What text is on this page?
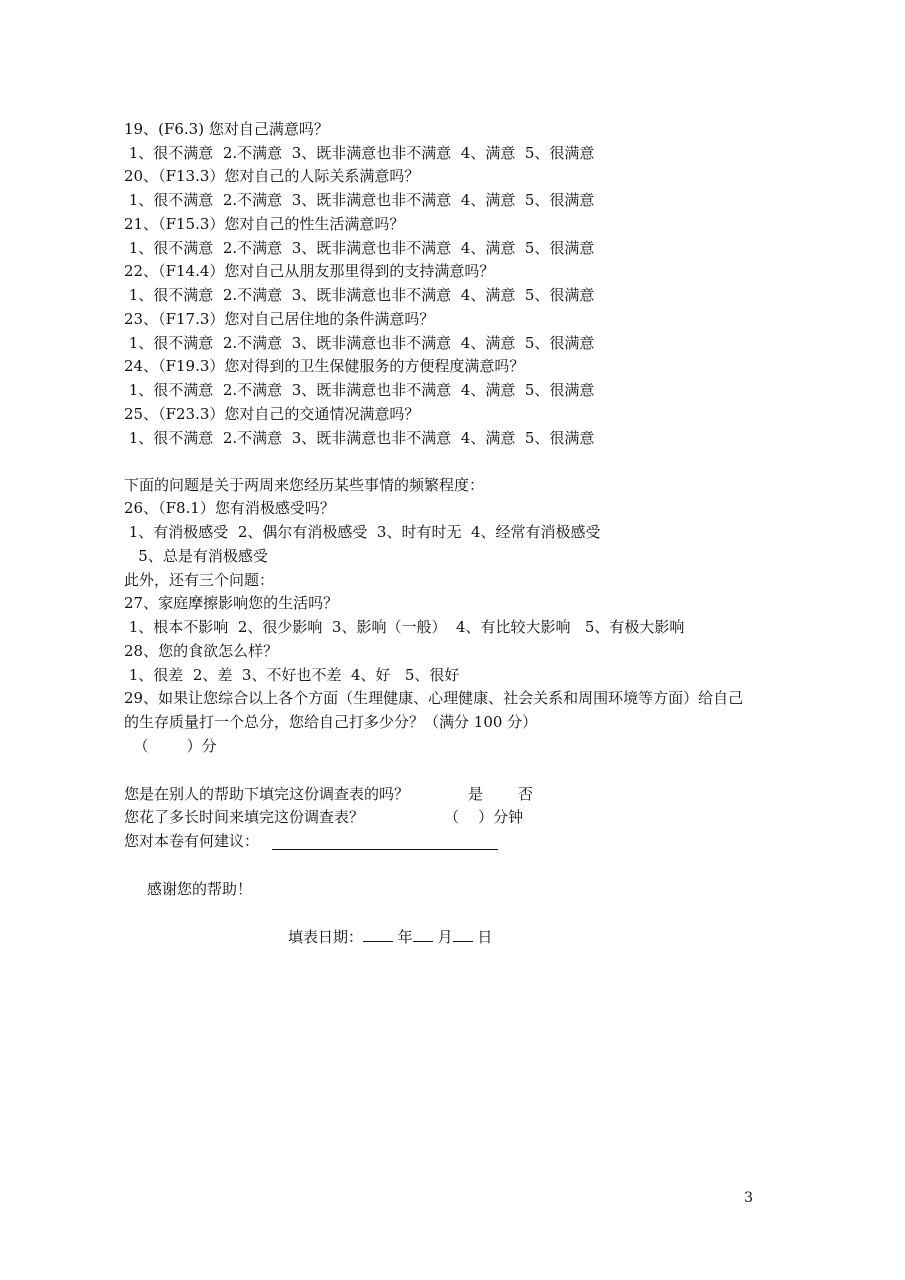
19、(F6.3) 您对自己满意吗？
1、很不满意  2.不满意  3、既非满意也非不满意  4、满意  5、很满意
20、（F13.3）您对自己的人际关系满意吗？
1、很不满意  2.不满意  3、既非满意也非不满意  4、满意  5、很满意
21、（F15.3）您对自己的性生活满意吗？
1、很不满意  2.不满意  3、既非满意也非不满意  4、满意  5、很满意
22、（F14.4）您对自己从朋友那里得到的支持满意吗？
1、很不满意  2.不满意  3、既非满意也非不满意  4、满意  5、很满意
23、（F17.3）您对自己居住地的条件满意吗？
1、很不满意  2.不满意  3、既非满意也非不满意  4、满意  5、很满意
24、（F19.3）您对得到的卫生保健服务的方便程度满意吗？
1、很不满意  2.不满意  3、既非满意也非不满意  4、满意  5、很满意
25、（F23.3）您对自己的交通情况满意吗？
1、很不满意  2.不满意  3、既非满意也非不满意  4、满意  5、很满意
下面的问题是关于两周来您经历某些事情的频繁程度：
26、（F8.1）您有消极感受吗？
1、有消极感受  2、偶尔有消极感受  3、时有时无  4、经常有消极感受
5、总是有消极感受
此外，还有三个问题：
27、家庭摩擦影响您的生活吗？
1、根本不影响  2、很少影响  3、影响（一般）  4、有比较大影响   5、有极大影响
28、您的食欲怎么样？
1、很差  2、差  3、不好也不差  4、好   5、很好
29、如果让您综合以上各个方面（生理健康、心理健康、社会关系和周围环境等方面）给自己
的生存质量打一个总分，您给自己打多少分？（满分 100 分）
（        ）分
您是在别人的帮助下填完这份调查表的吗？	是 否
您花了多长时间来填完这份调查表？	（    ）分钟
您对本卷有何建议：
感谢您的帮助！
填表日期： 年 月 日
3
